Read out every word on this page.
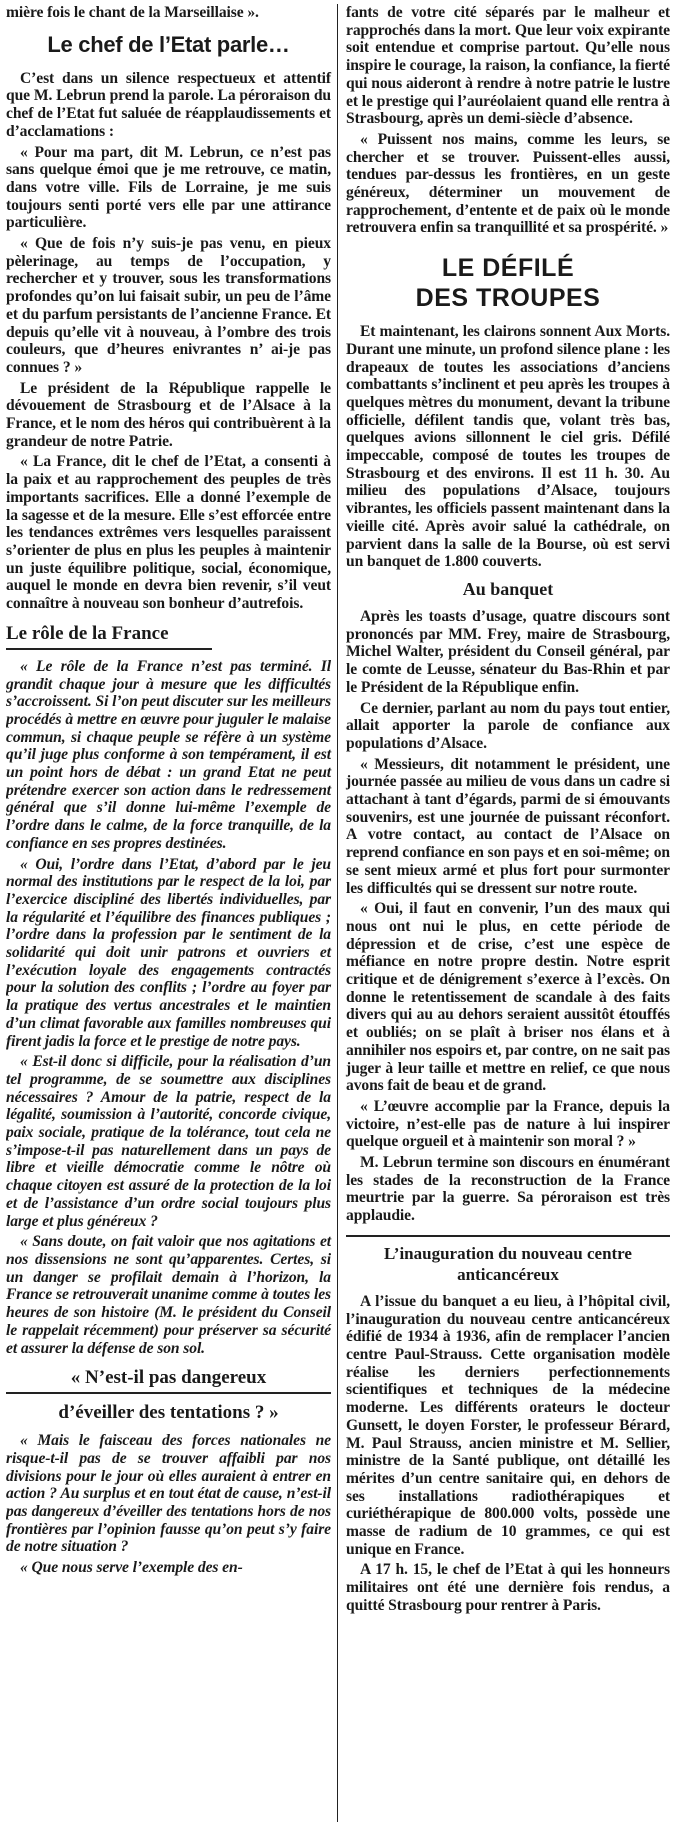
mière fois le chant de la Marseillaise ».

Le chef de l’Etat parle…

C’est dans un silence respectueux et attentif que M. Lebrun prend la parole. La péroraison du chef de l’Etat fut saluée de réapplaudissements et d’acclamations :

« Pour ma part, dit M. Lebrun, ce n’est pas sans quelque émoi que je me retrouve, ce matin, dans votre ville. Fils de Lorraine, je me suis toujours senti porté vers elle par une attirance particulière.

« Que de fois n’y suis-je pas venu, en pieux pèlerinage, au temps de l’occupation, y rechercher et y trouver, sous les transformations profondes qu’on lui faisait subir, un peu de l’âme et du parfum persistants de l’ancienne France. Et depuis qu’elle vit à nouveau, à l’ombre des trois couleurs, que d’heures enivrantes n’ ai-je pas connues ? »

Le président de la République rappelle le dévouement de Strasbourg et de l’Alsace à la France, et le nom des héros qui contribuèrent à la grandeur de notre Patrie.

« La France, dit le chef de l’Etat, a consenti à la paix et au rapprochement des peuples de très importants sacrifices. Elle a donné l’exemple de la sagesse et de la mesure. Elle s’est efforcée entre les tendances extrêmes vers lesquelles paraissent s’orienter de plus en plus les peuples à maintenir un juste équilibre politique, social, économique, auquel le monde en devra bien revenir, s’il veut connaître à nouveau son bonheur d’autrefois.

Le rôle de la France

« Le rôle de la France n’est pas terminé. Il grandit chaque jour à mesure que les difficultés s’accroissent. Si l’on peut discuter sur les meilleurs procédés à mettre en œuvre pour juguler le malaise commun, si chaque peuple se réfère à un système qu’il juge plus conforme à son tempérament, il est un point hors de débat : un grand Etat ne peut prétendre exercer son action dans le redressement général que s’il donne lui-même l’exemple de l’ordre dans le calme, de la force tranquille, de la confiance en ses propres destinées.

« Oui, l’ordre dans l’Etat, d’abord par le jeu normal des institutions par le respect de la loi, par l’exercice discipliné des libertés individuelles, par la régularité et l’équilibre des finances publiques ; l’ordre dans la profession par le sentiment de la solidarité qui doit unir patrons et ouvriers et l’exécution loyale des engagements contractés pour la solution des conflits ; l’ordre au foyer par la pratique des vertus ancestrales et le maintien d’un climat favorable aux familles nombreuses qui firent jadis la force et le prestige de notre pays.

« Est-il donc si difficile, pour la réalisation d’un tel programme, de se soumettre aux disciplines nécessaires ? Amour de la patrie, respect de la légalité, soumission à l’autorité, concorde civique, paix sociale, pratique de la tolérance, tout cela ne s’impose-t-il pas naturellement dans un pays de libre et vieille démocratie comme le nôtre où chaque citoyen est assuré de la protection de la loi et de l’assistance d’un ordre social toujours plus large et plus généreux ?

« Sans doute, on fait valoir que nos agitations et nos dissensions ne sont qu’apparentes. Certes, si un danger se profilait demain à l’horizon, la France se retrouverait unanime comme à toutes les heures de son histoire (M. le président du Conseil le rappelait récemment) pour préserver sa sécurité et assurer la défense de son sol.

« N’est-il pas dangereux
d’éveiller des tentations ? »

« Mais le faisceau des forces nationales ne risque-t-il pas de se trouver affaibli par nos divisions pour le jour où elles auraient à entrer en action ? Au surplus et en tout état de cause, n’est-il pas dangereux d’éveiller des tentations hors de nos frontières par l’opinion fausse qu’on peut s’y faire de notre situation ?

« Que nous serve l’exemple des en-

fants de votre cité séparés par le malheur et rapprochés dans la mort. Que leur voix expirante soit entendue et comprise partout. Qu’elle nous inspire le courage, la raison, la confiance, la fierté qui nous aideront à rendre à notre patrie le lustre et le prestige qui l’auréolaient quand elle rentra à Strasbourg, après un demi-siècle d’absence.

« Puissent nos mains, comme les leurs, se chercher et se trouver. Puissent-elles aussi, tendues par-dessus les frontières, en un geste généreux, déterminer un mouvement de rapprochement, d’entente et de paix où le monde retrouvera enfin sa tranquillité et sa prospérité. »

LE DÉFILÉ
DES TROUPES

Et maintenant, les clairons sonnent Aux Morts. Durant une minute, un profond silence plane : les drapeaux de toutes les associations d’anciens combattants s’inclinent et peu après les troupes à quelques mètres du monument, devant la tribune officielle, défilent tandis que, volant très bas, quelques avions sillonnent le ciel gris. Défilé impeccable, composé de toutes les troupes de Strasbourg et des environs. Il est 11 h. 30. Au milieu des populations d’Alsace, toujours vibrantes, les officiels passent maintenant dans la vieille cité. Après avoir salué la cathédrale, on parvient dans la salle de la Bourse, où est servi un banquet de 1.800 couverts.

Au banquet

Après les toasts d’usage, quatre discours sont prononcés par MM. Frey, maire de Strasbourg, Michel Walter, président du Conseil général, par le comte de Leusse, sénateur du Bas-Rhin et par le Président de la République enfin.

Ce dernier, parlant au nom du pays tout entier, allait apporter la parole de confiance aux populations d’Alsace.

« Messieurs, dit notamment le président, une journée passée au milieu de vous dans un cadre si attachant à tant d’égards, parmi de si émouvants souvenirs, est une journée de puissant réconfort. A votre contact, au contact de l’Alsace on reprend confiance en son pays et en soi-même; on se sent mieux armé et plus fort pour surmonter les difficultés qui se dressent sur notre route.

« Oui, il faut en convenir, l’un des maux qui nous ont nui le plus, en cette période de dépression et de crise, c’est une espèce de méfiance en notre propre destin. Notre esprit critique et de dénigrement s’exerce à l’excès. On donne le retentissement de scandale à des faits divers qui au au dehors seraient aussitôt étouffés et oubliés; on se plaît à briser nos élans et à annihiler nos espoirs et, par contre, on ne sait pas juger à leur taille et mettre en relief, ce que nous avons fait de beau et de grand.

« L’œuvre accomplie par la France, depuis la victoire, n’est-elle pas de nature à lui inspirer quelque orgueil et à maintenir son moral ? »

M. Lebrun termine son discours en énumérant les stades de la reconstruction de la France meurtrie par la guerre. Sa péroraison est très applaudie.

L’inauguration du nouveau centre
anticancéreux

A l’issue du banquet a eu lieu, à l’hôpital civil, l’inauguration du nouveau centre anticancéreux édifié de 1934 à 1936, afin de remplacer l’ancien centre Paul-Strauss. Cette organisation modèle réalise les derniers perfectionnements scientifiques et techniques de la médecine moderne. Les différents orateurs le docteur Gunsett, le doyen Forster, le professeur Bérard, M. Paul Strauss, ancien ministre et M. Sellier, ministre de la Santé publique, ont détaillé les mérites d’un centre sanitaire qui, en dehors de ses installations radiothérapiques et curiéthérapique de 800.000 volts, possède une masse de radium de 10 grammes, ce qui est unique en France.

A 17 h. 15, le chef de l’Etat à qui les honneurs militaires ont été une dernière fois rendus, a quitté Strasbourg pour rentrer à Paris.
